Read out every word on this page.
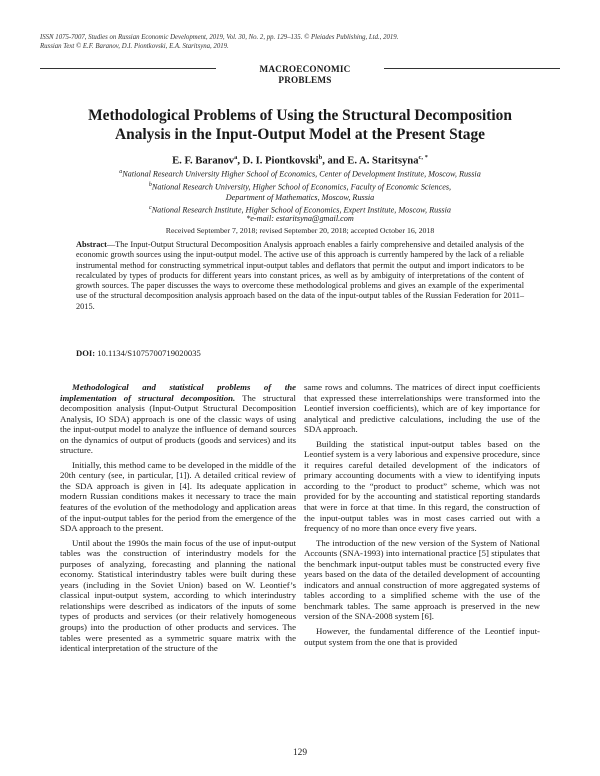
ISSN 1075-7007, Studies on Russian Economic Development, 2019, Vol. 30, No. 2, pp. 129–135. © Pleiades Publishing, Ltd., 2019.
Russian Text © E.F. Baranov, D.I. Piontkovski, E.A. Staritsyna, 2019.
MACROECONOMIC
PROBLEMS
Methodological Problems of Using the Structural Decomposition
Analysis in the Input-Output Model at the Present Stage
E. F. Baranov$^a$, D. I. Piontkovski$^b$, and E. A. Staritsyna$^{c, *}$
$^a$National Research University Higher School of Economics, Center of Development Institute, Moscow, Russia
$^b$National Research University, Higher School of Economics, Faculty of Economic Sciences,
Department of Mathematics, Moscow, Russia
$^c$National Research Institute, Higher School of Economics, Expert Institute, Moscow, Russia
*e-mail: estaritsyna@gmail.com
Received September 7, 2018; revised September 20, 2018; accepted October 16, 2018
Abstract—The Input-Output Structural Decomposition Analysis approach enables a fairly comprehensive and detailed analysis of the economic growth sources using the input-output model. The active use of this approach is currently hampered by the lack of a reliable instrumental method for constructing symmetrical input-output tables and deflators that permit the output and import indicators to be recalculated by types of products for different years into constant prices, as well as by ambiguity of interpretations of the content of growth sources. The paper discusses the ways to overcome these methodological problems and gives an example of the experimental use of the structural decomposition analysis approach based on the data of the input-output tables of the Russian Federation for 2011–2015.
DOI: 10.1134/S1075700719020035

Methodological and statistical problems of the implementation of structural decomposition. The structural decomposition analysis (Input-Output Structural Decomposition Analysis, IO SDA) approach is one of the classic ways of using the input-output model to analyze the influence of demand sources on the dynamics of output of products (goods and services) and its structure.

Initially, this method came to be developed in the middle of the 20th century (see, in particular, [1]). A detailed critical review of the SDA approach is given in [4]. Its adequate application in modern Russian conditions makes it necessary to trace the main features of the evolution of the methodology and application areas of the input-output tables for the period from the emergence of the SDA approach to the present.

Until about the 1990s the main focus of the use of input-output tables was the construction of interindustry models for the purposes of analyzing, forecasting and planning the national economy. Statistical interindustry tables were built during these years (including in the Soviet Union) based on W. Leontief’s classical input-output system, according to which interindustry relationships were described as indicators of the inputs of some types of products and services (or their relatively homogeneous groups) into the production of other products and services. The tables were presented as a symmetric square matrix with the identical interpretation of the structure of the

same rows and columns. The matrices of direct input coefficients that expressed these interrelationships were transformed into the Leontief inversion coefficients), which are of key importance for analytical and predictive calculations, including the use of the SDA approach.

Building the statistical input-output tables based on the Leontief system is a very laborious and expensive procedure, since it requires careful detailed development of the indicators of primary accounting documents with a view to identifying inputs according to the “product to product” scheme, which was not provided for by the accounting and statistical reporting standards that were in force at that time. In this regard, the construction of the input-output tables was in most cases carried out with a frequency of no more than once every five years.

The introduction of the new version of the System of National Accounts (SNA-1993) into international practice [5] stipulates that the benchmark input-output tables must be constructed every five years based on the data of the detailed development of accounting indicators and annual construction of more aggregated systems of tables according to a simplified scheme with the use of the benchmark tables. The same approach is preserved in the new version of the SNA-2008 system [6].

However, the fundamental difference of the Leontief input-output system from the one that is provided

129
